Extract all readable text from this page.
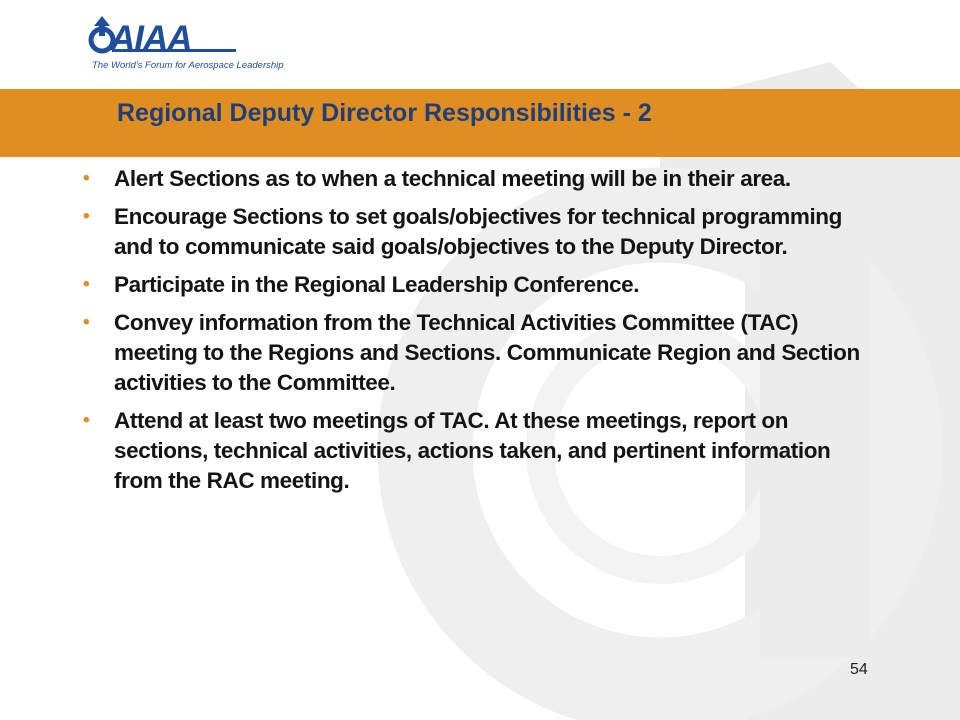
AIAA
The World's Forum for Aerospace Leadership
Regional Deputy Director Responsibilities - 2
• Alert Sections as to when a technical meeting will be in their area.
• Encourage Sections to set goals/objectives for technical programming and to communicate said goals/objectives to the Deputy Director.
• Participate in the Regional Leadership Conference.
• Convey information from the Technical Activities Committee (TAC) meeting to the Regions and Sections. Communicate Region and Section activities to the Committee.
• Attend at least two meetings of TAC. At these meetings, report on sections, technical activities, actions taken, and pertinent information from the RAC meeting.
54
